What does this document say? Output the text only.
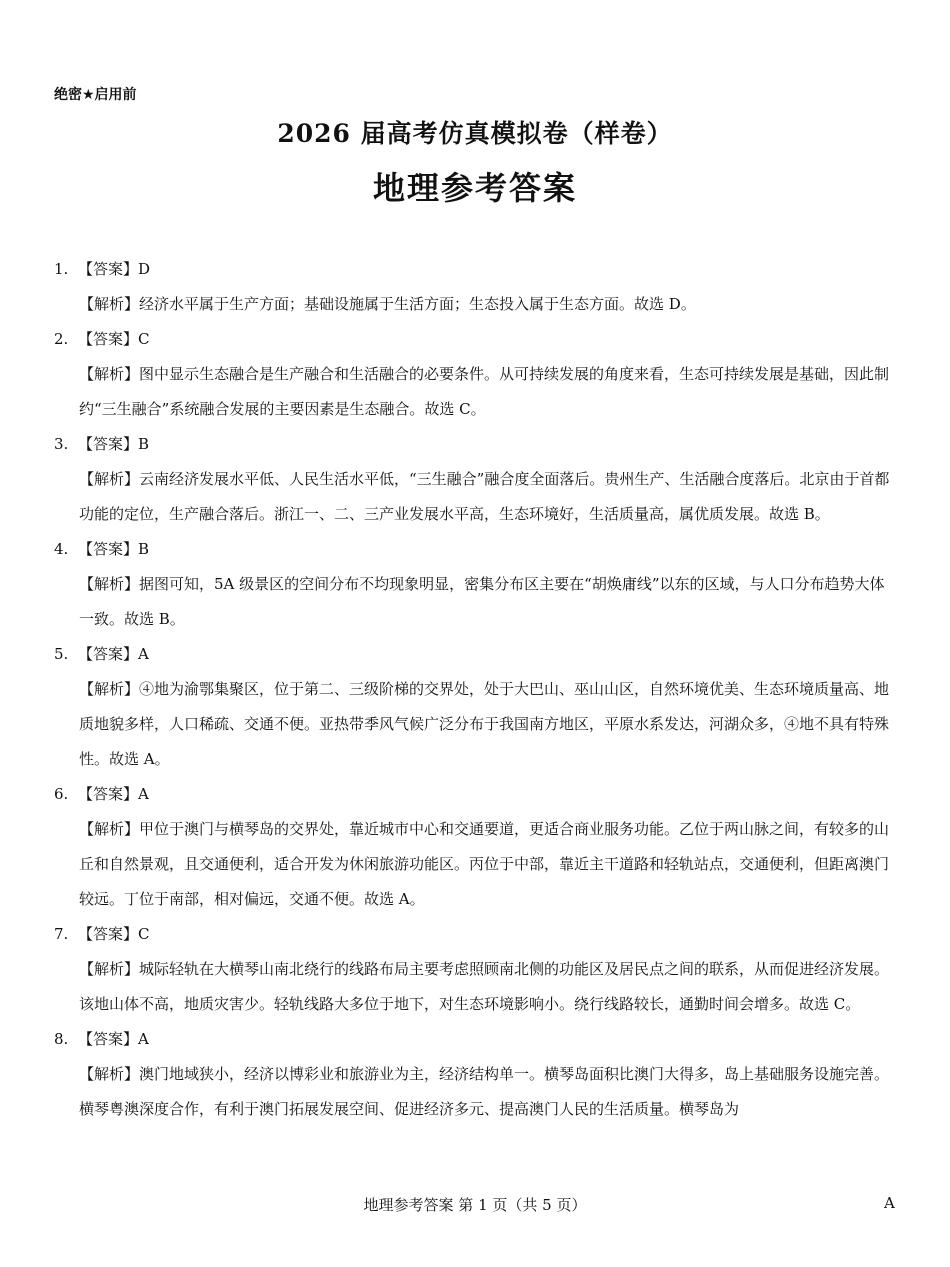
绝密★启用前
2026 届高考仿真模拟卷（样卷）
地理参考答案

1. 【答案】D

【解析】经济水平属于生产方面；基础设施属于生活方面；生态投入属于生态方面。故选 D。

2. 【答案】C

【解析】图中显示生态融合是生产融合和生活融合的必要条件。从可持续发展的角度来看，生态可持续发展是基础，因此制约“三生融合”系统融合发展的主要因素是生态融合。故选 C。

3. 【答案】B

【解析】云南经济发展水平低、人民生活水平低，“三生融合”融合度全面落后。贵州生产、生活融合度落后。北京由于首都功能的定位，生产融合落后。浙江一、二、三产业发展水平高，生态环境好，生活质量高，属优质发展。故选 B。

4. 【答案】B

【解析】据图可知，5A 级景区的空间分布不均现象明显，密集分布区主要在“胡焕庸线”以东的区域，与人口分布趋势大体一致。故选 B。

5. 【答案】A

【解析】④地为渝鄂集聚区，位于第二、三级阶梯的交界处，处于大巴山、巫山山区，自然环境优美、生态环境质量高、地质地貌多样，人口稀疏、交通不便。亚热带季风气候广泛分布于我国南方地区，平原水系发达，河湖众多，④地不具有特殊性。故选 A。

6. 【答案】A

【解析】甲位于澳门与横琴岛的交界处，靠近城市中心和交通要道，更适合商业服务功能。乙位于两山脉之间，有较多的山丘和自然景观，且交通便利，适合开发为休闲旅游功能区。丙位于中部，靠近主干道路和轻轨站点，交通便利，但距离澳门较远。丁位于南部，相对偏远，交通不便。故选 A。

7. 【答案】C

【解析】城际轻轨在大横琴山南北绕行的线路布局主要考虑照顾南北侧的功能区及居民点之间的联系，从而促进经济发展。该地山体不高，地质灾害少。轻轨线路大多位于地下，对生态环境影响小。绕行线路较长，通勤时间会增多。故选 C。

8. 【答案】A

【解析】澳门地域狭小，经济以博彩业和旅游业为主，经济结构单一。横琴岛面积比澳门大得多，岛上基础服务设施完善。横琴粤澳深度合作，有利于澳门拓展发展空间、促进经济多元、提高澳门人民的生活质量。横琴岛为

地理参考答案 第 1 页（共 5 页）	A
